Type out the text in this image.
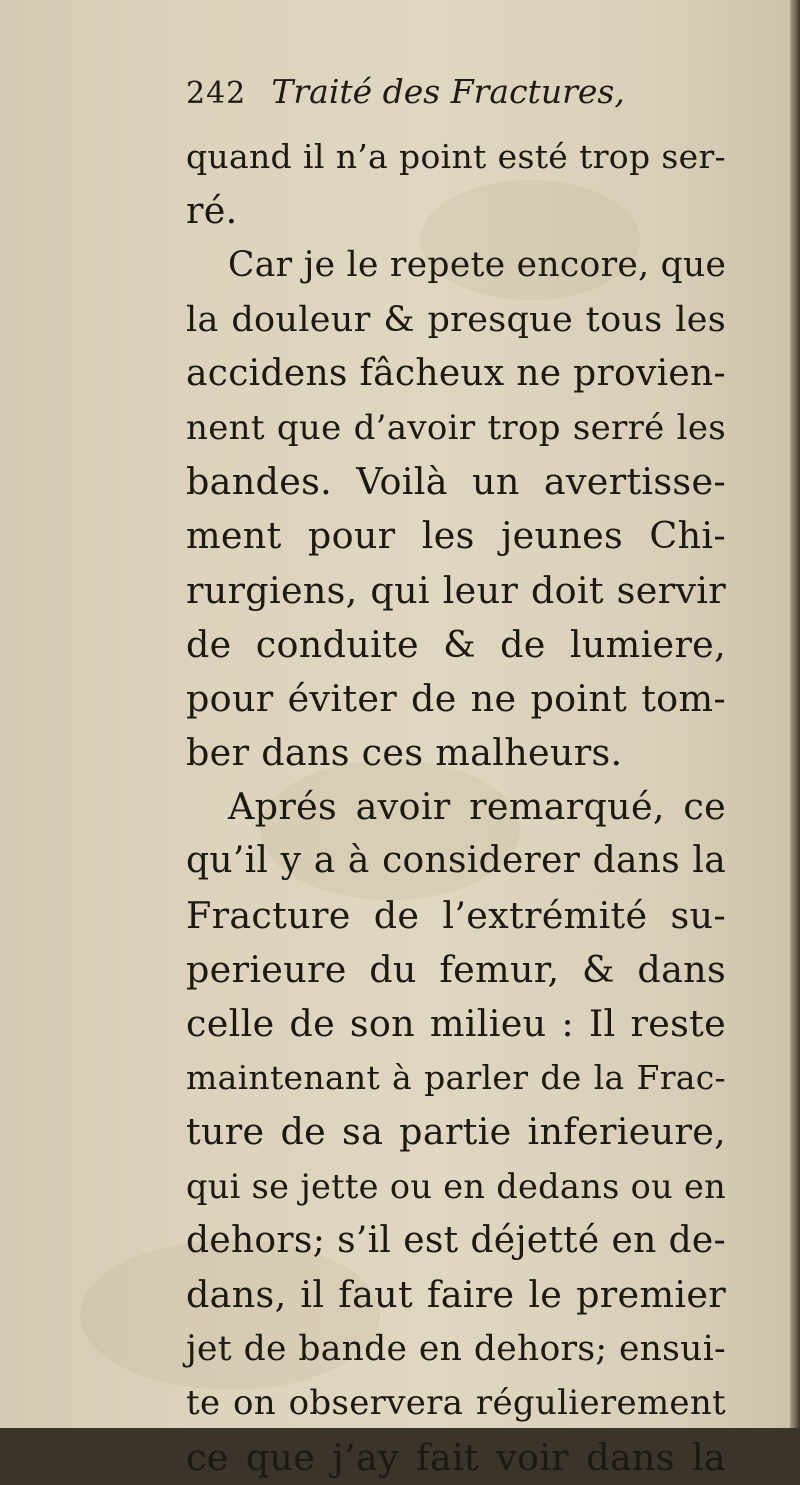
242 Traité des Fractures,
quand il n’a point esté trop ser-
ré.
Car je le repete encore, que
la douleur & presque tous les
accidens fâcheux ne provien-
nent que d’avoir trop serré les
bandes. Voilà un avertisse-
ment pour les jeunes Chi-
rurgiens, qui leur doit servir
de conduite & de lumiere,
pour éviter de ne point tom-
ber dans ces malheurs.
Aprés avoir remarqué, ce
qu’il y a à considerer dans la
Fracture de l’extrémité su-
perieure du femur, & dans
celle de son milieu : Il reste
maintenant à parler de la Frac-
ture de sa partie inferieure,
qui se jette ou en dedans ou en
dehors; s’il est déjetté en de-
dans, il faut faire le premier
jet de bande en dehors; ensui-
te on observera régulierement
ce que j’ay fait voir dans la
